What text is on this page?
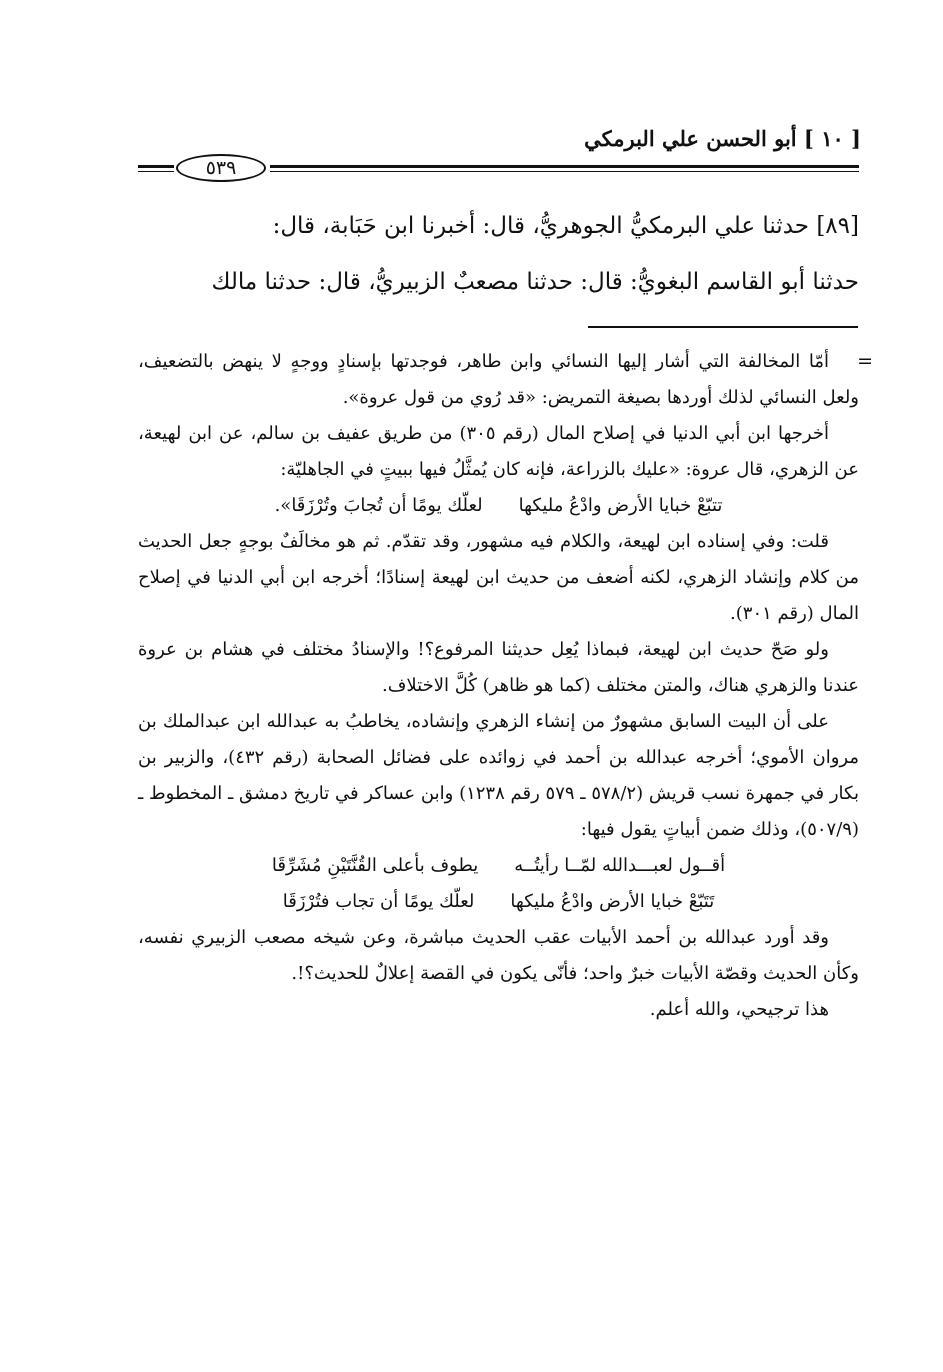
[ ١٠ ] أبو الحسن علي البرمكي
٥٣٩

[٨٩] حدثنا علي البرمكيُّ الجوهريُّ، قال: أخبرنا ابن حَبَابة، قال:

حدثنا أبو القاسم البغويُّ: قال: حدثنا مصعبٌ الزبيريُّ، قال: حدثنا مالك

=

أمّا المخالفة التي أشار إليها النسائي وابن طاهر، فوجدتها بإسنادٍ ووجهٍ لا ينهض بالتضعيف، ولعل النسائي لذلك أوردها بصيغة التمريض: «قد رُوي من قول عروة».

أخرجها ابن أبي الدنيا في إصلاح المال (رقم ٣٠٥) من طريق عفيف بن سالم، عن ابن لهيعة، عن الزهري، قال عروة: «عليك بالزراعة، فإنه كان يُمثَّلُ فيها ببيتٍ في الجاهليّة:

تتبّعْ خبايا الأرض وادْعُ مليكها
لعلّك يومًا أن تُجابَ وتُرْزَقَا».

قلت: وفي إسناده ابن لهيعة، والكلام فيه مشهور، وقد تقدّم. ثم هو مخالَفٌ بوجهٍ جعل الحديث من كلام وإنشاد الزهري، لكنه أضعف من حديث ابن لهيعة إسنادًا؛ أخرجه ابن أبي الدنيا في إصلاح المال (رقم ٣٠١).

ولو صَحّ حديث ابن لهيعة، فبماذا يُعِل حديثنا المرفوع؟! والإسنادُ مختلف في هشام بن عروة عندنا والزهري هناك، والمتن مختلف (كما هو ظاهر) كُلَّ الاختلاف.

على أن البيت السابق مشهورٌ من إنشاء الزهري وإنشاده، يخاطبُ به عبدالله ابن عبدالملك بن مروان الأموي؛ أخرجه عبدالله بن أحمد في زوائده على فضائل الصحابة (رقم ٤٣٢)، والزبير بن بكار في جمهرة نسب قريش (٥٧٨/٢ ـ ٥٧٩ رقم ١٢٣٨) وابن عساكر في تاريخ دمشق ـ المخطوط ـ (٥٠٧/٩)، وذلك ضمن أبياتٍ يقول فيها:

أقــول لعبـــدالله لمّــا رأيتُــه
يطوف بأعلى القُنَّتَيْنِ مُشَرِّقَا
تَتَبّعْ خبايا الأرض وادْعُ مليكها
لعلّك يومًا أن تجاب فتُرْزَقَا

وقد أورد عبدالله بن أحمد الأبيات عقب الحديث مباشرة، وعن شيخه مصعب الزبيري نفسه، وكأن الحديث وقصّة الأبيات خبرٌ واحد؛ فأنّى يكون في القصة إعلالٌ للحديث؟!.

هذا ترجيحي، والله أعلم.
